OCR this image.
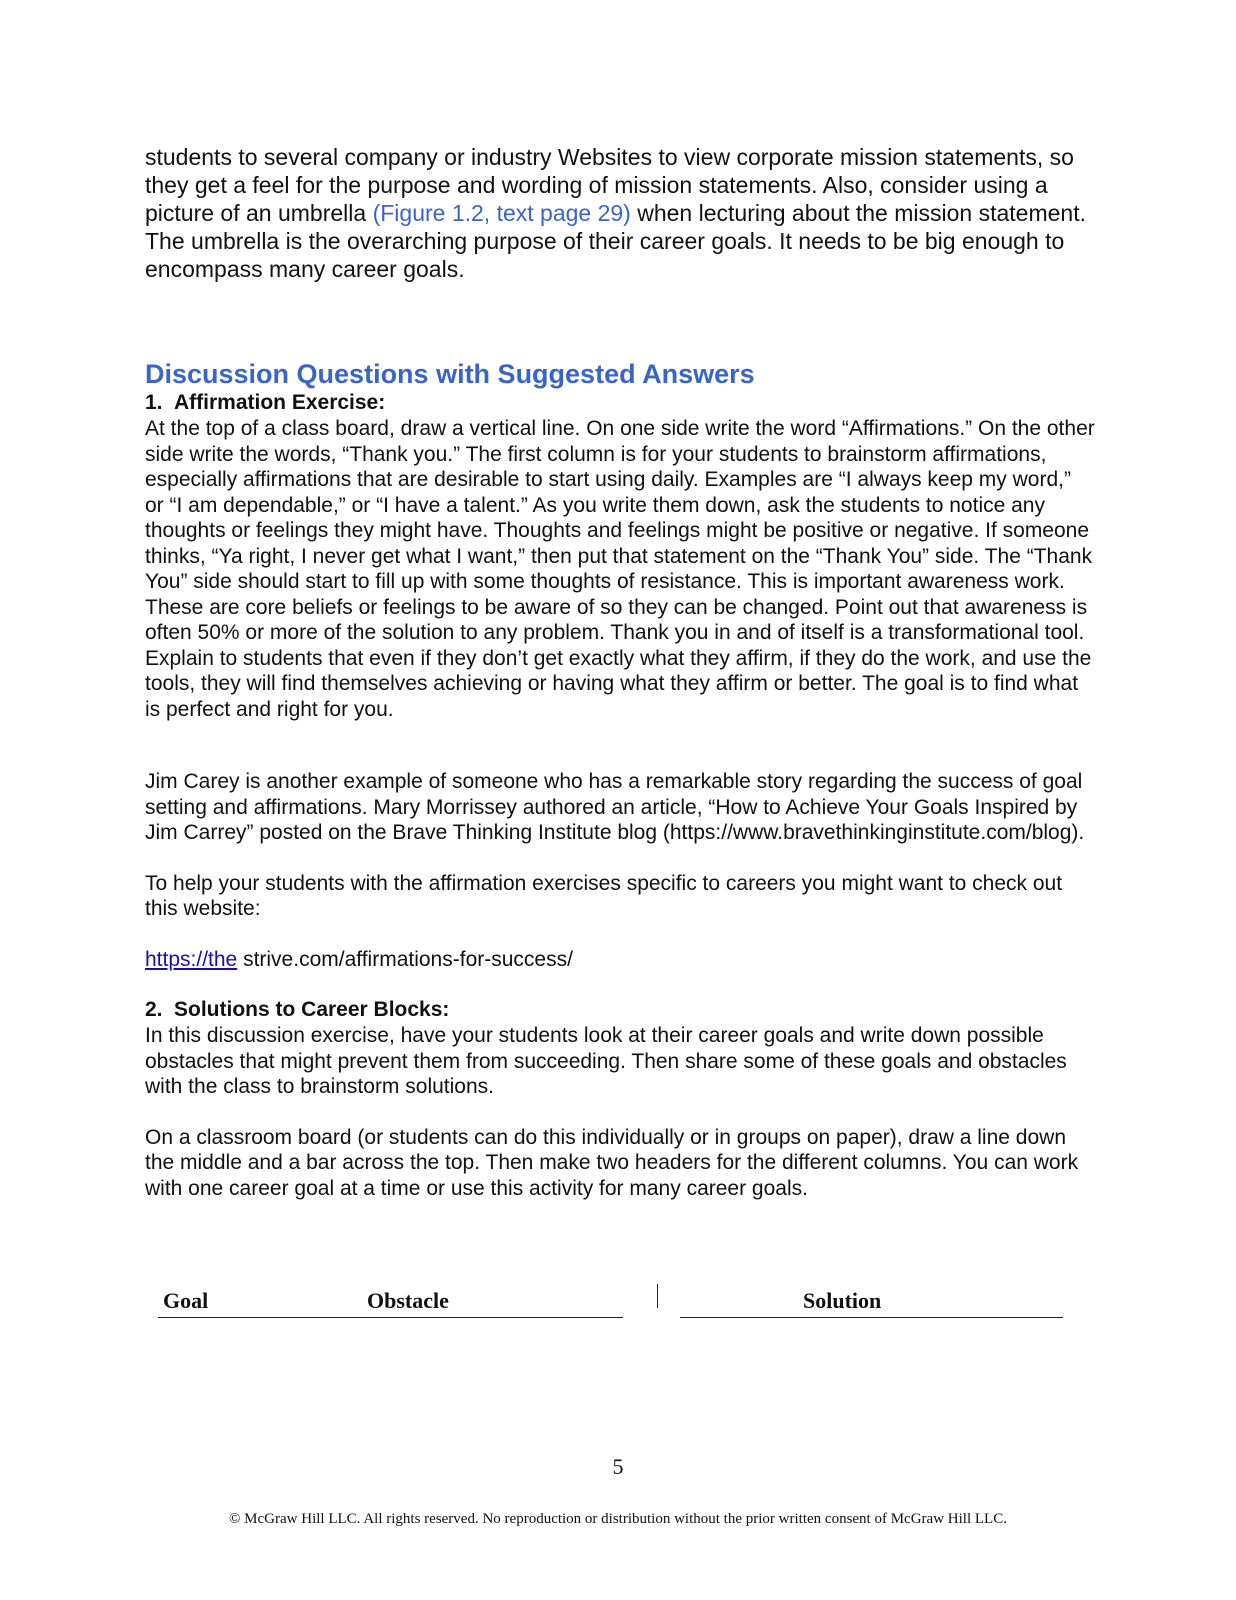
students to several company or industry Websites to view corporate mission statements, so they get a feel for the purpose and wording of mission statements. Also, consider using a picture of an umbrella (Figure 1.2, text page 29) when lecturing about the mission statement. The umbrella is the overarching purpose of their career goals. It needs to be big enough to encompass many career goals.

Discussion Questions with Suggested Answers

1. Affirmation Exercise:

At the top of a class board, draw a vertical line. On one side write the word “Affirmations.” On the other side write the words, “Thank you.” The first column is for your students to brainstorm affirmations, especially affirmations that are desirable to start using daily. Examples are “I always keep my word,” or “I am dependable,” or “I have a talent.” As you write them down, ask the students to notice any thoughts or feelings they might have. Thoughts and feelings might be positive or negative. If someone thinks, “Ya right, I never get what I want,” then put that statement on the “Thank You” side. The “Thank You” side should start to fill up with some thoughts of resistance. This is important awareness work. These are core beliefs or feelings to be aware of so they can be changed. Point out that awareness is often 50% or more of the solution to any problem. Thank you in and of itself is a transformational tool. Explain to students that even if they don’t get exactly what they affirm, if they do the work, and use the tools, they will find themselves achieving or having what they affirm or better. The goal is to find what is perfect and right for you.

Jim Carey is another example of someone who has a remarkable story regarding the success of goal setting and affirmations. Mary Morrissey authored an article, “How to Achieve Your Goals Inspired by Jim Carrey” posted on the Brave Thinking Institute blog (https://www.bravethinkinginstitute.com/blog).

To help your students with the affirmation exercises specific to careers you might want to check out this website:

https://the strive.com/affirmations-for-success/

2. Solutions to Career Blocks:

In this discussion exercise, have your students look at their career goals and write down possible obstacles that might prevent them from succeeding. Then share some of these goals and obstacles with the class to brainstorm solutions.

On a classroom board (or students can do this individually or in groups on paper), draw a line down the middle and a bar across the top. Then make two headers for the different columns. You can work with one career goal at a time or use this activity for many career goals.

Goal	Obstacle	Solution
5
© McGraw Hill LLC. All rights reserved. No reproduction or distribution without the prior written consent of McGraw Hill LLC.
